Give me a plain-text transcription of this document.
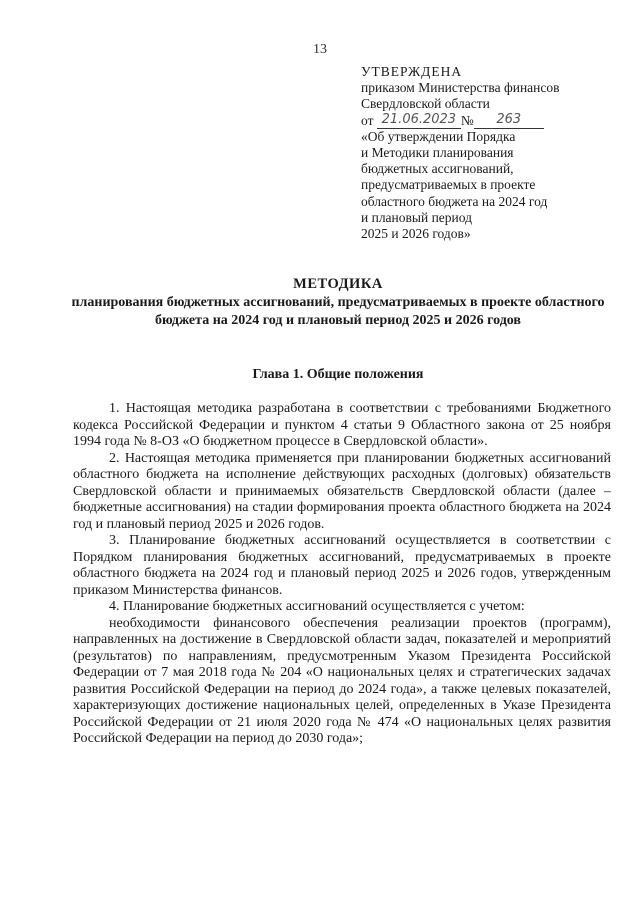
13
УТВЕРЖДЕНА
приказом Министерства финансов
Свердловской области
от
21.06.2023 №	263
«Об утверждении Порядка
и Методики планирования
бюджетных ассигнований,
предусматриваемых в проекте
областного бюджета на 2024 год
и плановый период
2025 и 2026 годов»
МЕТОДИКА
планирования бюджетных ассигнований, предусматриваемых в проекте областного бюджета на 2024 год и плановый период 2025 и 2026 годов
Глава 1. Общие положения

1. Настоящая методика разработана в соответствии с требованиями Бюджетного кодекса Российской Федерации и пунктом 4 статьи 9 Областного закона от 25 ноября 1994 года № 8-ОЗ «О бюджетном процессе в Свердловской области».

2. Настоящая методика применяется при планировании бюджетных ассигнований областного бюджета на исполнение действующих расходных (долговых) обязательств Свердловской области и принимаемых обязательств Свердловской области (далее – бюджетные ассигнования) на стадии формирования проекта областного бюджета на 2024 год и плановый период 2025 и 2026 годов.

3. Планирование бюджетных ассигнований осуществляется в соответствии с Порядком планирования бюджетных ассигнований, предусматриваемых в проекте областного бюджета на 2024 год и плановый период 2025 и 2026 годов, утвержденным приказом Министерства финансов.

4. Планирование бюджетных ассигнований осуществляется с учетом:

необходимости финансового обеспечения реализации проектов (программ), направленных на достижение в Свердловской области задач, показателей и мероприятий (результатов) по направлениям, предусмотренным Указом Президента Российской Федерации от 7 мая 2018 года № 204 «О национальных целях и стратегических задачах развития Российской Федерации на период до 2024 года», а также целевых показателей, характеризующих достижение национальных целей, определенных в Указе Президента Российской Федерации от 21 июля 2020 года № 474 «О национальных целях развития Российской Федерации на период до 2030 года»;
